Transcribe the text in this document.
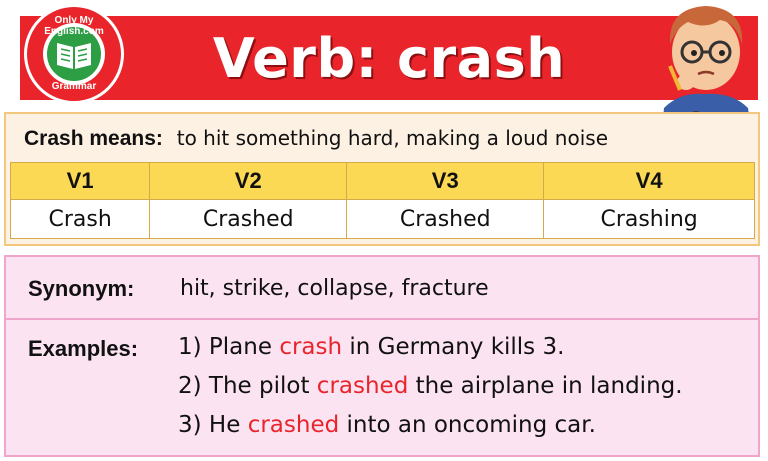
Verb: crash
Only My English.com
Grammar
Crash means: to hit something hard, making a loud noise
V1	V2	V3	V4
Crash	Crashed	Crashed	Crashing
Synonym: hit, strike, collapse, fracture
Examples: 1) Plane crash in Germany kills 3.
2) The pilot crashed the airplane in landing.
3) He crashed into an oncoming car.
